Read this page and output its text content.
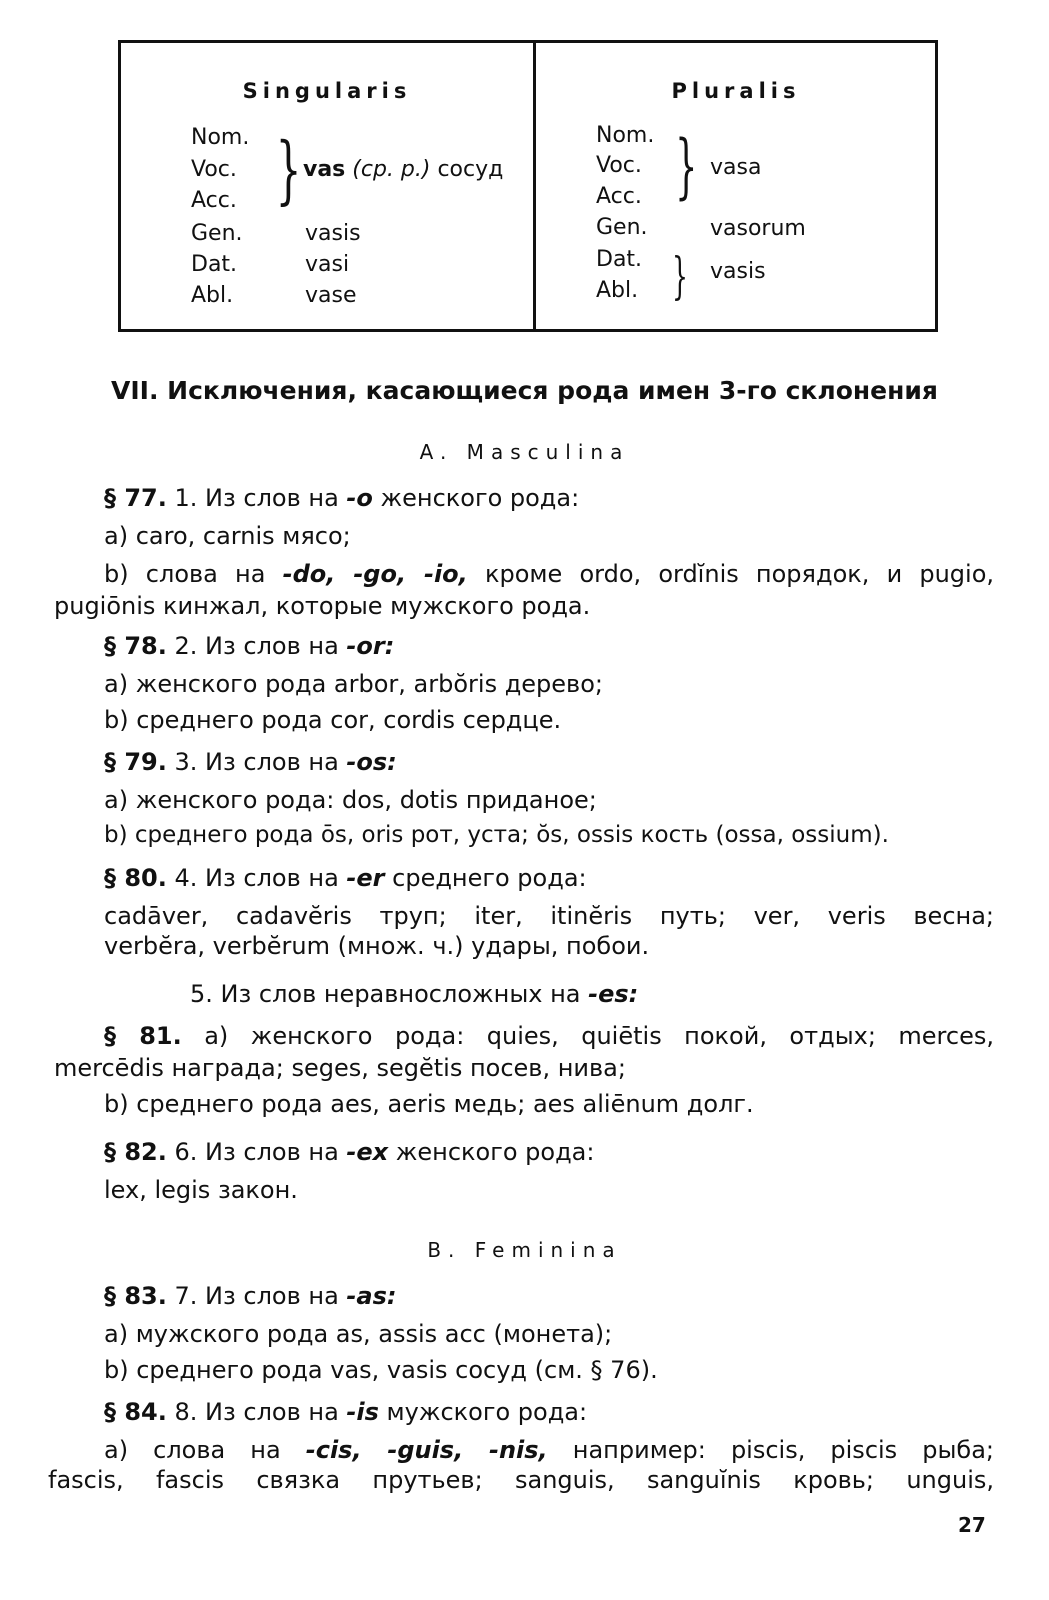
Singularis
Nom.
Voc.
Acc.
Gen.
Dat.
Abl.
} vas (ср. р.) сосуд
vasis
vasi
vase
Pluralis
Nom.
Voc.
Acc.
Gen.
Dat.
Abl.
}
}
vasa
vasorum
vasis
VII. Исключения, касающиеся рода имен 3-го склонения
A. Masculina
§ 77. 1. Из слов на -o женского рода:
a) caro, carnis мясо;
b) слова на -do, -go, -io, кроме ordo, ordĭnis порядок, и pugio,
pugiōnis кинжал, которые мужского рода.
§ 78. 2. Из слов на -or:
a) женского рода arbor, arbŏris дерево;
b) среднего рода cor, cordis сердце.
§ 79. 3. Из слов на -os:
a) женского рода: dos, dotis приданое;
b) среднего рода ōs, oris рот, уста; ŏs, ossis кость (ossa, ossium).
§ 80. 4. Из слов на -er среднего рода:
cadāver, cadavĕris труп; iter, itinĕris путь; ver, veris весна;
verbĕra, verbĕrum (множ. ч.) удары, побои.
5. Из слов неравносложных на -es:
§ 81. a) женского рода: quies, quiētis покой, отдых; merces,
mercēdis награда; seges, segĕtis посев, нива;
b) среднего рода aes, aeris медь; aes aliēnum долг.
§ 82. 6. Из слов на -ex женского рода:
lex, legis закон.
B. Feminina
§ 83. 7. Из слов на -as:
a) мужского рода as, assis асс (монета);
b) среднего рода vas, vasis сосуд (см. § 76).
§ 84. 8. Из слов на -is мужского рода:
a) слова на -cis, -guis, -nis, например: piscis, piscis рыба;
fascis, fascis связка прутьев; sanguis, sanguĭnis кровь; unguis,
27
